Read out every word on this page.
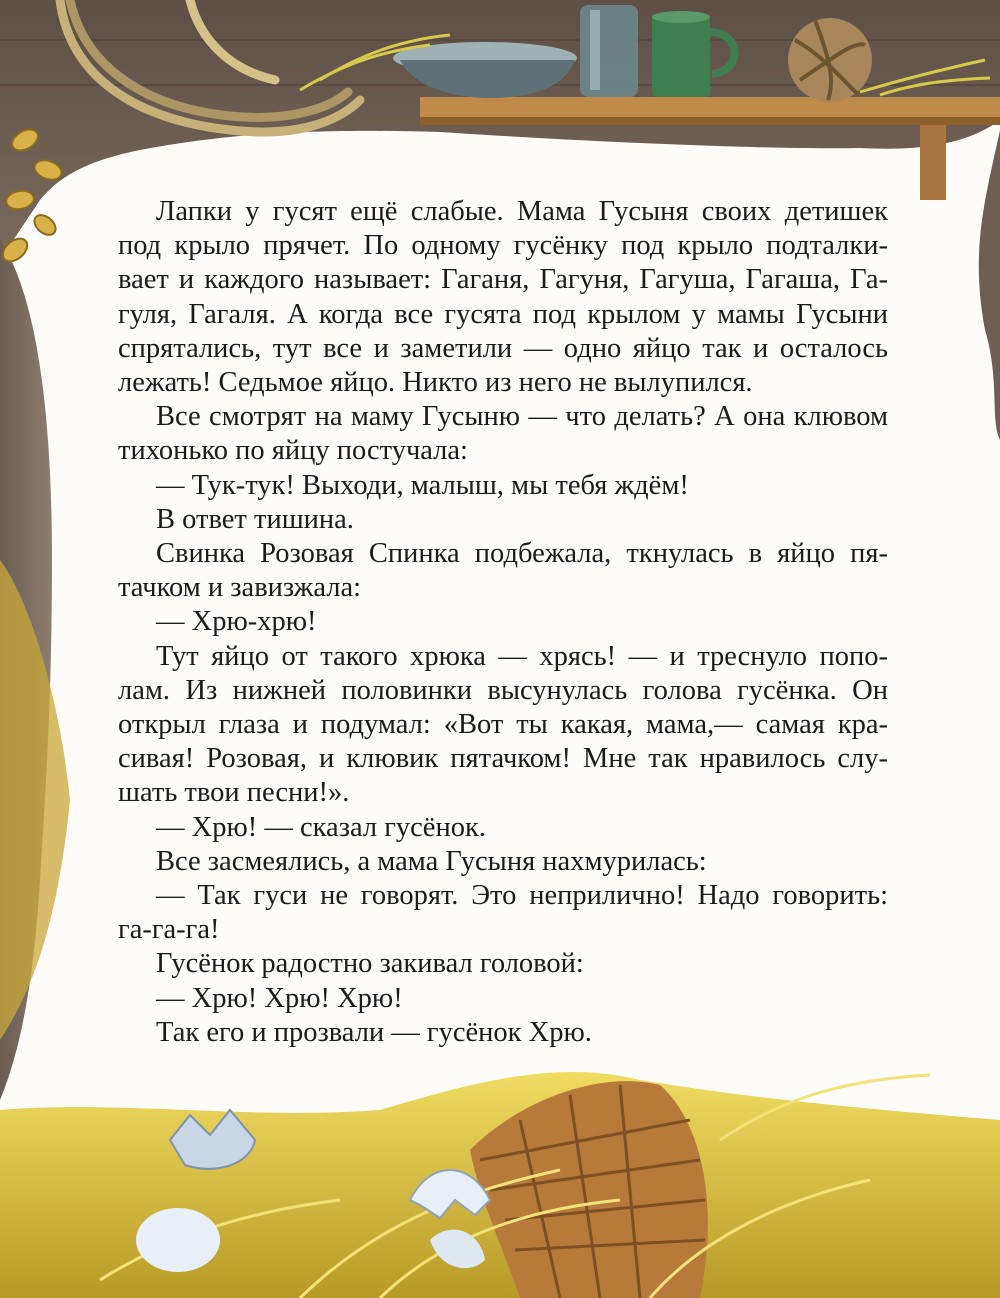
Лапки у гусят ещё слабые. Мама Гусыня своих детишек
под крыло прячет. По одному гусёнку под крыло подталки-
вает и каждого называет: Гаганя, Гагуня, Гагуша, Гагаша, Га-
гуля, Гагаля. А когда все гусята под крылом у мамы Гусыни
спрятались, тут все и заметили — одно яйцо так и осталось
лежать! Седьмое яйцо. Никто из него не вылупился.
Все смотрят на маму Гусыню — что делать? А она клювом
тихонько по яйцу постучала:
— Тук-тук! Выходи, малыш, мы тебя ждём!
В ответ тишина.
Свинка Розовая Спинка подбежала, ткнулась в яйцо пя-
тачком и завизжала:
— Хрю-хрю!
Тут яйцо от такого хрюка — хрясь! — и треснуло попо-
лам. Из нижней половинки высунулась голова гусёнка. Он
открыл глаза и подумал: «Вот ты какая, мама,— самая кра-
сивая! Розовая, и клювик пятачком! Мне так нравилось слу-
шать твои песни!».
— Хрю! — сказал гусёнок.
Все засмеялись, а мама Гусыня нахмурилась:
— Так гуси не говорят. Это неприлично! Надо говорить:
га-га-га!
Гусёнок радостно закивал головой:
— Хрю! Хрю! Хрю!
Так его и прозвали — гусёнок Хрю.
